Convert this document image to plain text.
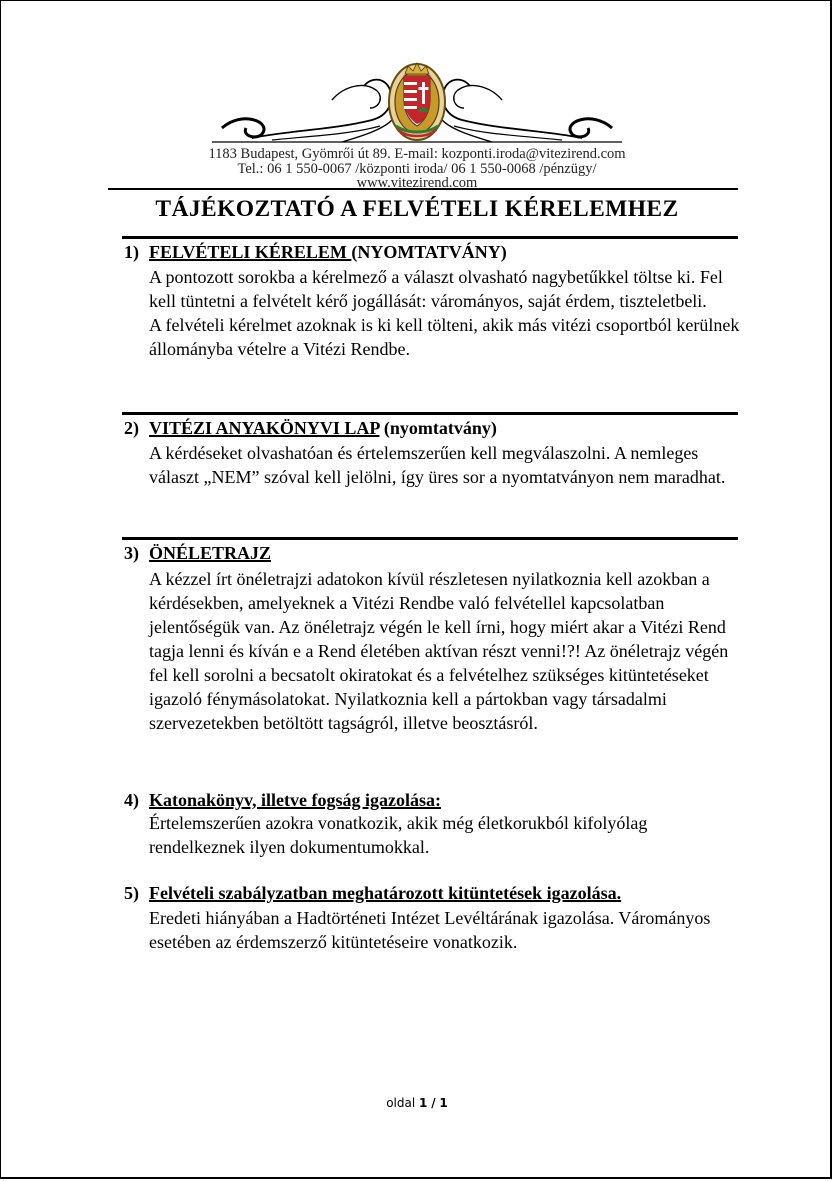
1183 Budapest, Gyömrői út 89. E-mail: kozponti.iroda@vitezirend.com
Tel.: 06 1 550-0067 /központi iroda/ 06 1 550-0068 /pénzügy/
www.vitezirend.com
TÁJÉKOZTATÓ A FELVÉTELI KÉRELEMHEZ
1) FELVÉTELI KÉRELEM (NYOMTATVÁNY)

A pontozott sorokba a kérelmező a választ olvasható nagybetűkkel töltse ki. Fel kell tüntetni a felvételt kérő jogállását: várományos, saját érdem, tiszteletbeli.

A felvételi kérelmet azoknak is ki kell tölteni, akik más vitézi csoportból kerülnek állományba vételre a Vitézi Rendbe.

2) VITÉZI ANYAKÖNYVI LAP (nyomtatvány)

A kérdéseket olvashatóan és értelemszerűen kell megválaszolni. A nemleges választ „NEM” szóval kell jelölni, így üres sor a nyomtatványon nem maradhat.

3) ÖNÉLETRAJZ

A kézzel írt önéletrajzi adatokon kívül részletesen nyilatkoznia kell azokban a kérdésekben, amelyeknek a Vitézi Rendbe való felvétellel kapcsolatban jelentőségük van. Az önéletrajz végén le kell írni, hogy miért akar a Vitézi Rend tagja lenni és kíván e a Rend életében aktívan részt venni!?! Az önéletrajz végén fel kell sorolni a becsatolt okiratokat és a felvételhez szükséges kitüntetéseket igazoló fénymásolatokat. Nyilatkoznia kell a pártokban vagy társadalmi szervezetekben betöltött tagságról, illetve beosztásról.

4) Katonakönyv, illetve fogság igazolása:

Értelemszerűen azokra vonatkozik, akik még életkorukból kifolyólag rendelkeznek ilyen dokumentumokkal.

5) Felvételi szabályzatban meghatározott kitüntetések igazolása.

Eredeti hiányában a Hadtörténeti Intézet Levéltárának igazolása. Várományos esetében az érdemszerző kitüntetéseire vonatkozik.

oldal 1 / 1
